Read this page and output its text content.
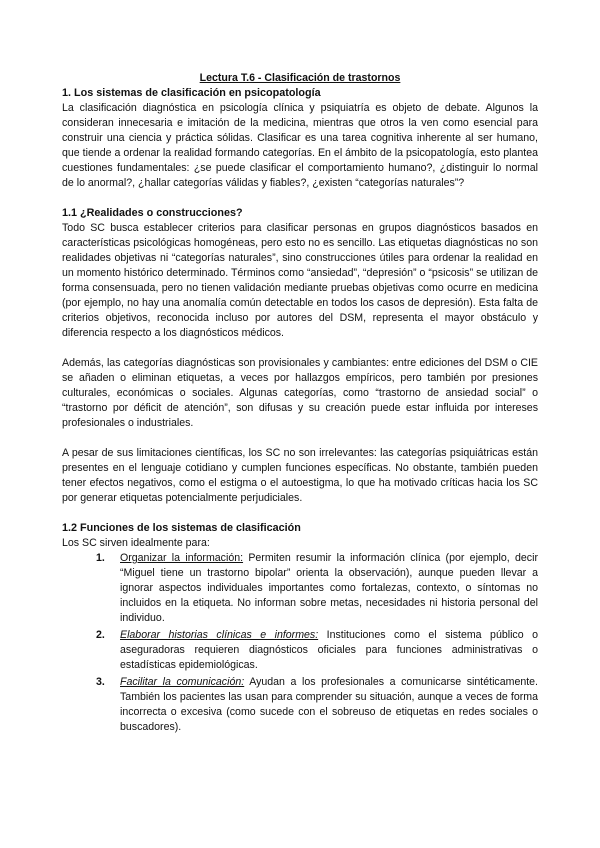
Lectura T.6 - Clasificación de trastornos
1. Los sistemas de clasificación en psicopatología

La clasificación diagnóstica en psicología clínica y psiquiatría es objeto de debate. Algunos la consideran innecesaria e imitación de la medicina, mientras que otros la ven como esencial para construir una ciencia y práctica sólidas. Clasificar es una tarea cognitiva inherente al ser humano, que tiende a ordenar la realidad formando categorías. En el ámbito de la psicopatología, esto plantea cuestiones fundamentales: ¿se puede clasificar el comportamiento humano?, ¿distinguir lo normal de lo anormal?, ¿hallar categorías válidas y fiables?, ¿existen “categorías naturales”?

1.1 ¿Realidades o construcciones?

Todo SC busca establecer criterios para clasificar personas en grupos diagnósticos basados en características psicológicas homogéneas, pero esto no es sencillo. Las etiquetas diagnósticas no son realidades objetivas ni “categorías naturales”, sino construcciones útiles para ordenar la realidad en un momento histórico determinado. Términos como “ansiedad”, “depresión” o “psicosis” se utilizan de forma consensuada, pero no tienen validación mediante pruebas objetivas como ocurre en medicina (por ejemplo, no hay una anomalía común detectable en todos los casos de depresión). Esta falta de criterios objetivos, reconocida incluso por autores del DSM, representa el mayor obstáculo y diferencia respecto a los diagnósticos médicos.

Además, las categorías diagnósticas son provisionales y cambiantes: entre ediciones del DSM o CIE se añaden o eliminan etiquetas, a veces por hallazgos empíricos, pero también por presiones culturales, económicas o sociales. Algunas categorías, como “trastorno de ansiedad social” o “trastorno por déficit de atención”, son difusas y su creación puede estar influida por intereses profesionales o industriales.

A pesar de sus limitaciones científicas, los SC no son irrelevantes: las categorías psiquiátricas están presentes en el lenguaje cotidiano y cumplen funciones específicas. No obstante, también pueden tener efectos negativos, como el estigma o el autoestigma, lo que ha motivado críticas hacia los SC por generar etiquetas potencialmente perjudiciales.

1.2 Funciones de los sistemas de clasificación

Los SC sirven idealmente para:

1. Organizar la información: Permiten resumir la información clínica (por ejemplo, decir “Miguel tiene un trastorno bipolar” orienta la observación), aunque pueden llevar a ignorar aspectos individuales importantes como fortalezas, contexto, o síntomas no incluidos en la etiqueta. No informan sobre metas, necesidades ni historia personal del individuo.
2. Elaborar historias clínicas e informes: Instituciones como el sistema público o aseguradoras requieren diagnósticos oficiales para funciones administrativas o estadísticas epidemiológicas.
3. Facilitar la comunicación: Ayudan a los profesionales a comunicarse sintéticamente. También los pacientes las usan para comprender su situación, aunque a veces de forma incorrecta o excesiva (como sucede con el sobreuso de etiquetas en redes sociales o buscadores).
